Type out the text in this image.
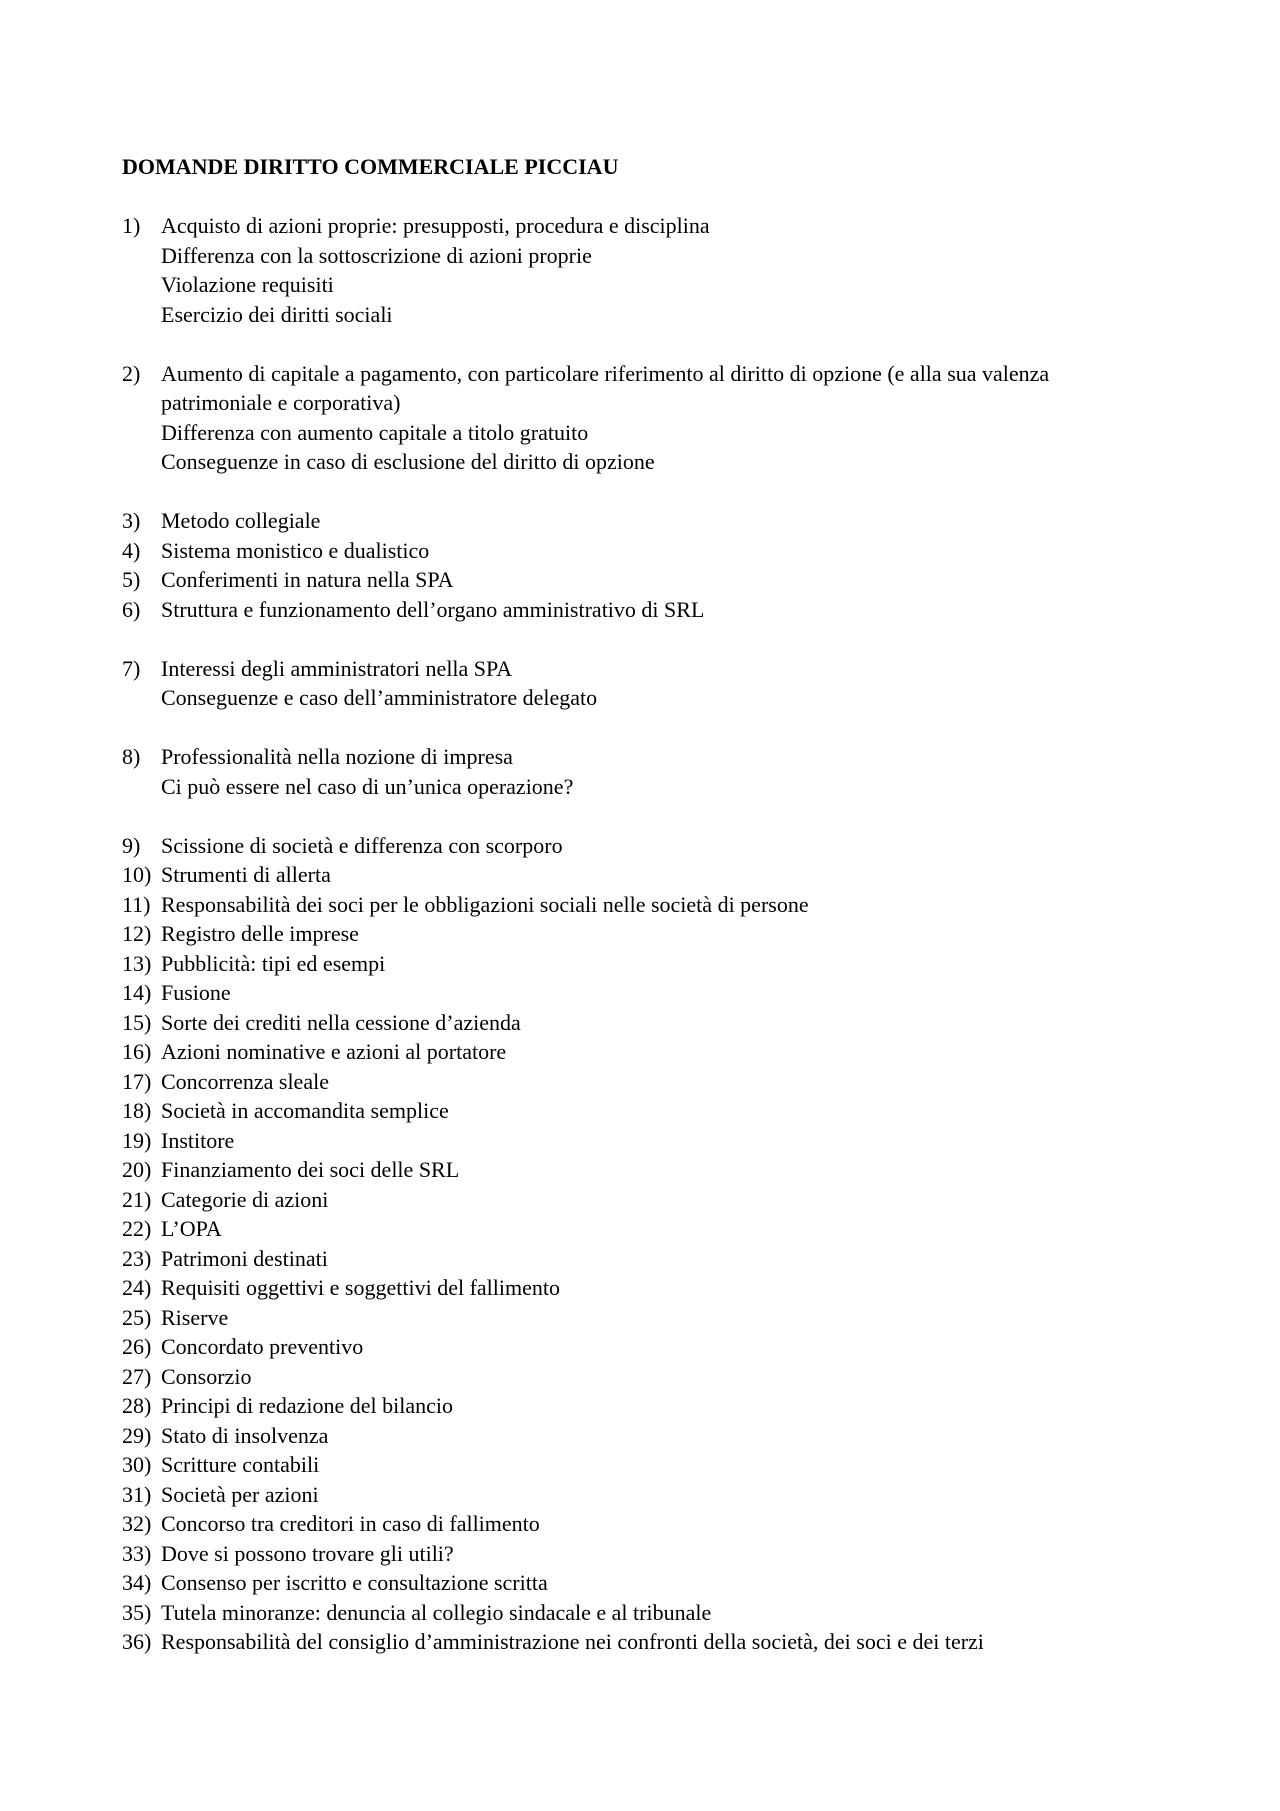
DOMANDE DIRITTO COMMERCIALE PICCIAU
1) Acquisto di azioni proprie: presupposti, procedura e disciplina
Differenza con la sottoscrizione di azioni proprie
Violazione requisiti
Esercizio dei diritti sociali
2) Aumento di capitale a pagamento, con particolare riferimento al diritto di opzione (e alla sua valenza patrimoniale e corporativa)
Differenza con aumento capitale a titolo gratuito
Conseguenze in caso di esclusione del diritto di opzione
3) Metodo collegiale
4) Sistema monistico e dualistico
5) Conferimenti in natura nella SPA
6) Struttura e funzionamento dell’organo amministrativo di SRL
7) Interessi degli amministratori nella SPA
Conseguenze e caso dell’amministratore delegato
8) Professionalità nella nozione di impresa
Ci può essere nel caso di un’unica operazione?
9) Scissione di società e differenza con scorporo
10) Strumenti di allerta
11) Responsabilità dei soci per le obbligazioni sociali nelle società di persone
12) Registro delle imprese
13) Pubblicità: tipi ed esempi
14) Fusione
15) Sorte dei crediti nella cessione d’azienda
16) Azioni nominative e azioni al portatore
17) Concorrenza sleale
18) Società in accomandita semplice
19) Institore
20) Finanziamento dei soci delle SRL
21) Categorie di azioni
22) L’OPA
23) Patrimoni destinati
24) Requisiti oggettivi e soggettivi del fallimento
25) Riserve
26) Concordato preventivo
27) Consorzio
28) Principi di redazione del bilancio
29) Stato di insolvenza
30) Scritture contabili
31) Società per azioni
32) Concorso tra creditori in caso di fallimento
33) Dove si possono trovare gli utili?
34) Consenso per iscritto e consultazione scritta
35) Tutela minoranze: denuncia al collegio sindacale e al tribunale
36) Responsabilità del consiglio d’amministrazione nei confronti della società, dei soci e dei terzi
